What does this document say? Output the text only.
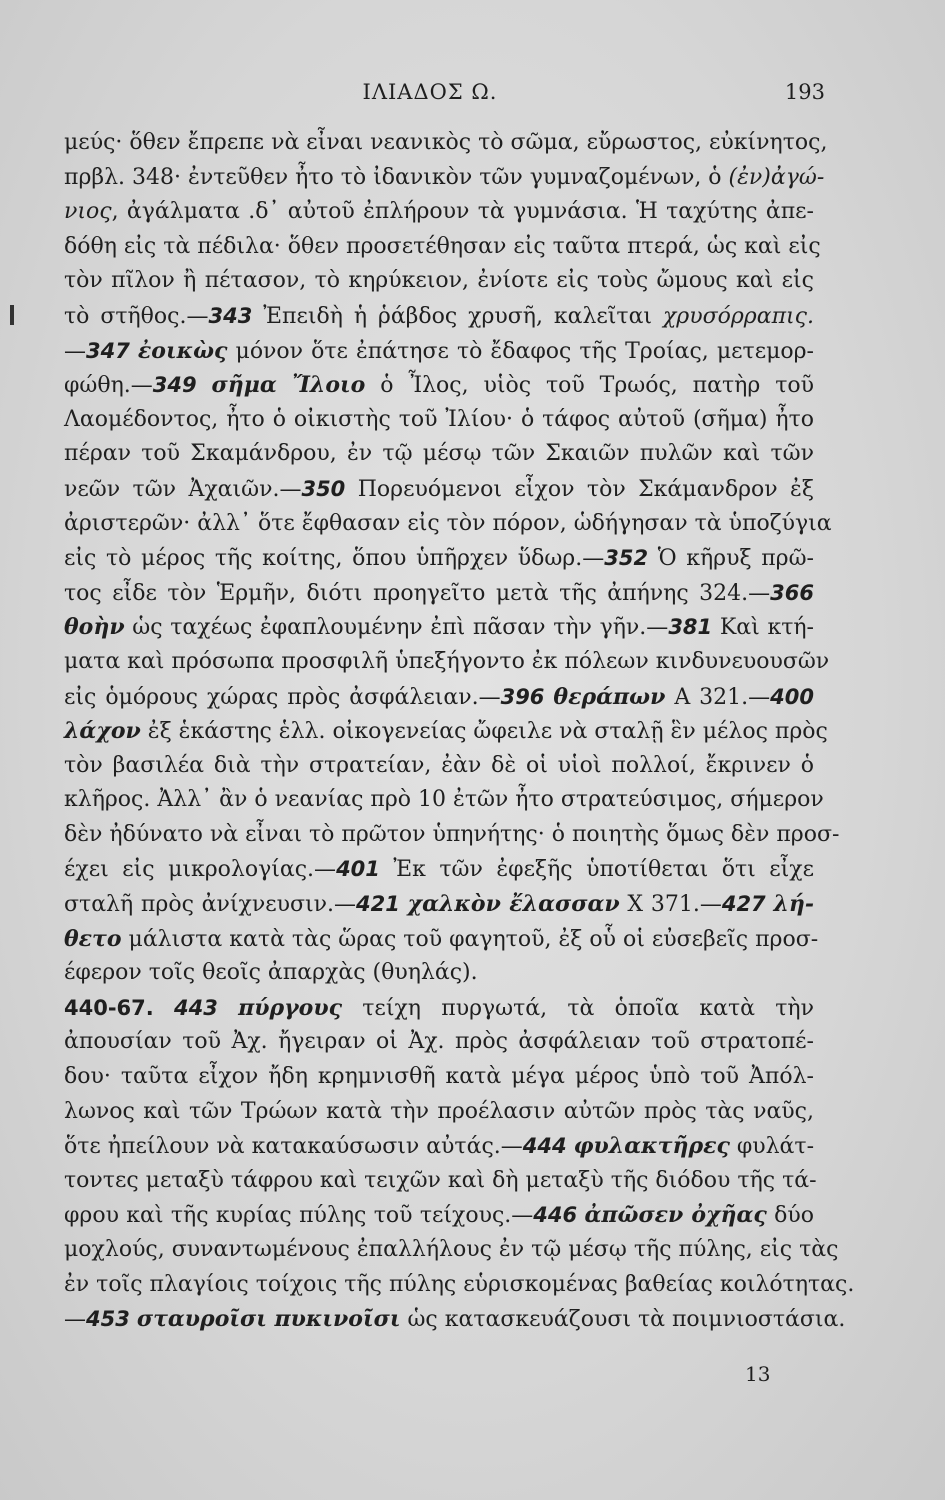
ΙΛΙΑΔΟΣ Ω.	193
μεύς· ὅθεν ἔπρεπε νὰ εἶναι νεανικὸς τὸ σῶμα, εὔρωστος, εὐκίνητος,
πρβλ. 348· ἐντεῦθεν ἦτο τὸ ἰδανικὸν τῶν γυμναζομένων, ὁ (ἐν)ἀγώ-
νιος, ἀγάλματα .δ᾽ αὐτοῦ ἐπλήρουν τὰ γυμνάσια. Ἡ ταχύτης ἀπε-
δόθη εἰς τὰ πέδιλα· ὅθεν προσετέθησαν εἰς ταῦτα πτερά, ὡς καὶ εἰς
τὸν πῖλον ἢ πέτασον, τὸ κηρύκειον, ἐνίοτε εἰς τοὺς ὤμους καὶ εἰς
τὸ στῆθος.—343 Ἐπειδὴ ἡ ῥάβδος χρυσῆ, καλεῖται χρυσόρραπις.
—347 ἐοικὼς μόνον ὅτε ἐπάτησε τὸ ἔδαφος τῆς Τροίας, μετεμορ-
φώθη.—349 σῆμα Ἴλοιο ὁ Ἶλος, υἱὸς τοῦ Τρωός, πατὴρ τοῦ
Λαομέδοντος, ἦτο ὁ οἰκιστὴς τοῦ Ἰλίου· ὁ τάφος αὐτοῦ (σῆμα) ἦτο
πέραν τοῦ Σκαμάνδρου, ἐν τῷ μέσῳ τῶν Σκαιῶν πυλῶν καὶ τῶν
νεῶν τῶν Ἀχαιῶν.—350 Πορευόμενοι εἶχον τὸν Σκάμανδρον ἐξ
ἀριστερῶν· ἀλλ᾽ ὅτε ἔφθασαν εἰς τὸν πόρον, ὡδήγησαν τὰ ὑποζύγια
εἰς τὸ μέρος τῆς κοίτης, ὅπου ὑπῆρχεν ὕδωρ.—352 Ὁ κῆρυξ πρῶ-
τος εἶδε τὸν Ἑρμῆν, διότι προηγεῖτο μετὰ τῆς ἀπήνης 324.—366
θοὴν ὡς ταχέως ἐφαπλουμένην ἐπὶ πᾶσαν τὴν γῆν.—381 Καὶ κτή-
ματα καὶ πρόσωπα προσφιλῆ ὑπεξήγοντο ἐκ πόλεων κινδυνευουσῶν
εἰς ὁμόρους χώρας πρὸς ἀσφάλειαν.—396 θεράπων Α 321.—400
λάχον ἐξ ἑκάστης ἑλλ. οἰκογενείας ὤφειλε νὰ σταλῇ ἓν μέλος πρὸς
τὸν βασιλέα διὰ τὴν στρατείαν, ἐὰν δὲ οἱ υἱοὶ πολλοί, ἔκρινεν ὁ
κλῆρος. Ἀλλ᾽ ἂν ὁ νεανίας πρὸ 10 ἐτῶν ἦτο στρατεύσιμος, σήμερον
δὲν ἠδύνατο νὰ εἶναι τὸ πρῶτον ὑπηνήτης· ὁ ποιητὴς ὅμως δὲν προσ-
έχει εἰς μικρολογίας.—401 Ἐκ τῶν ἐφεξῆς ὑποτίθεται ὅτι εἶχε
σταλῆ πρὸς ἀνίχνευσιν.—421 χαλκὸν ἔλασσαν Χ 371.—427 λή-
θετο μάλιστα κατὰ τὰς ὥρας τοῦ φαγητοῦ, ἐξ οὗ οἱ εὐσεβεῖς προσ-
έφερον τοῖς θεοῖς ἀπαρχὰς (θυηλάς).
440-67. 443 πύργους τείχη πυργωτά, τὰ ὁποῖα κατὰ τὴν
ἀπουσίαν τοῦ Ἀχ. ἤγειραν οἱ Ἀχ. πρὸς ἀσφάλειαν τοῦ στρατοπέ-
δου· ταῦτα εἶχον ἤδη κρημνισθῆ κατὰ μέγα μέρος ὑπὸ τοῦ Ἀπόλ-
λωνος καὶ τῶν Τρώων κατὰ τὴν προέλασιν αὐτῶν πρὸς τὰς ναῦς,
ὅτε ἠπείλουν νὰ κατακαύσωσιν αὐτάς.—444 φυλακτῆρες φυλάτ-
τοντες μεταξὺ τάφρου καὶ τειχῶν καὶ δὴ μεταξὺ τῆς διόδου τῆς τά-
φρου καὶ τῆς κυρίας πύλης τοῦ τείχους.—446 ἀπῶσεν ὀχῆας δύο
μοχλούς, συναντωμένους ἐπαλλήλους ἐν τῷ μέσῳ τῆς πύλης, εἰς τὰς
ἐν τοῖς πλαγίοις τοίχοις τῆς πύλης εὑρισκομένας βαθείας κοιλότητας.
—453 σταυροῖσι πυκινοῖσι ὡς κατασκευάζουσι τὰ ποιμνιοστάσια.
13
